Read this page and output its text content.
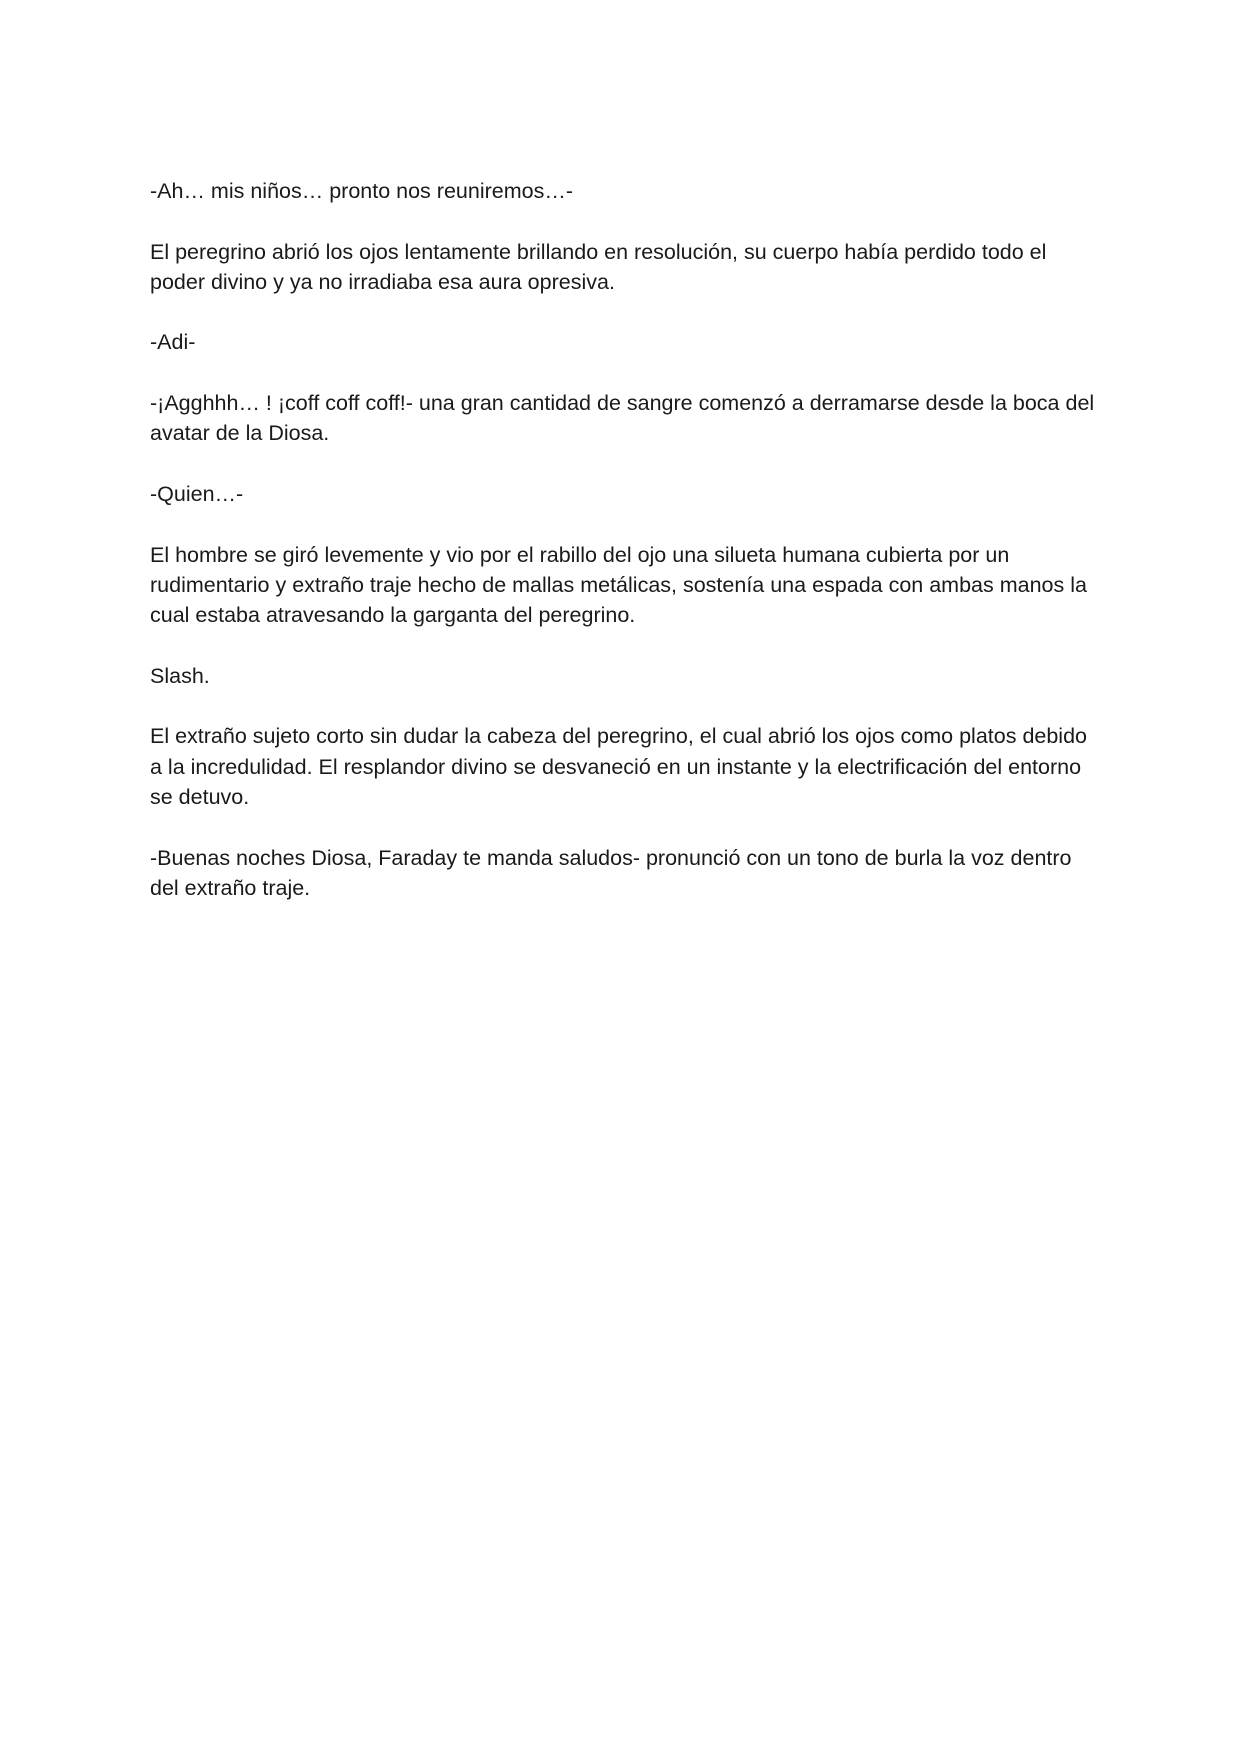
-Ah… mis niños… pronto nos reuniremos…-

El peregrino abrió los ojos lentamente brillando en resolución, su cuerpo había perdido todo el poder divino y ya no irradiaba esa aura opresiva.

-Adi-

-¡Agghhh… ! ¡coff coff coff!- una gran cantidad de sangre comenzó a derramarse desde la boca del avatar de la Diosa.

-Quien…-

El hombre se giró levemente y vio por el rabillo del ojo una silueta humana cubierta por un rudimentario y extraño traje hecho de mallas metálicas, sostenía una espada con ambas manos la cual estaba atravesando la garganta del peregrino.

Slash.

El extraño sujeto corto sin dudar la cabeza del peregrino, el cual abrió los ojos como platos debido a la incredulidad. El resplandor divino se desvaneció en un instante y la electrificación del entorno se detuvo.

-Buenas noches Diosa, Faraday te manda saludos- pronunció con un tono de burla la voz dentro del extraño traje.
